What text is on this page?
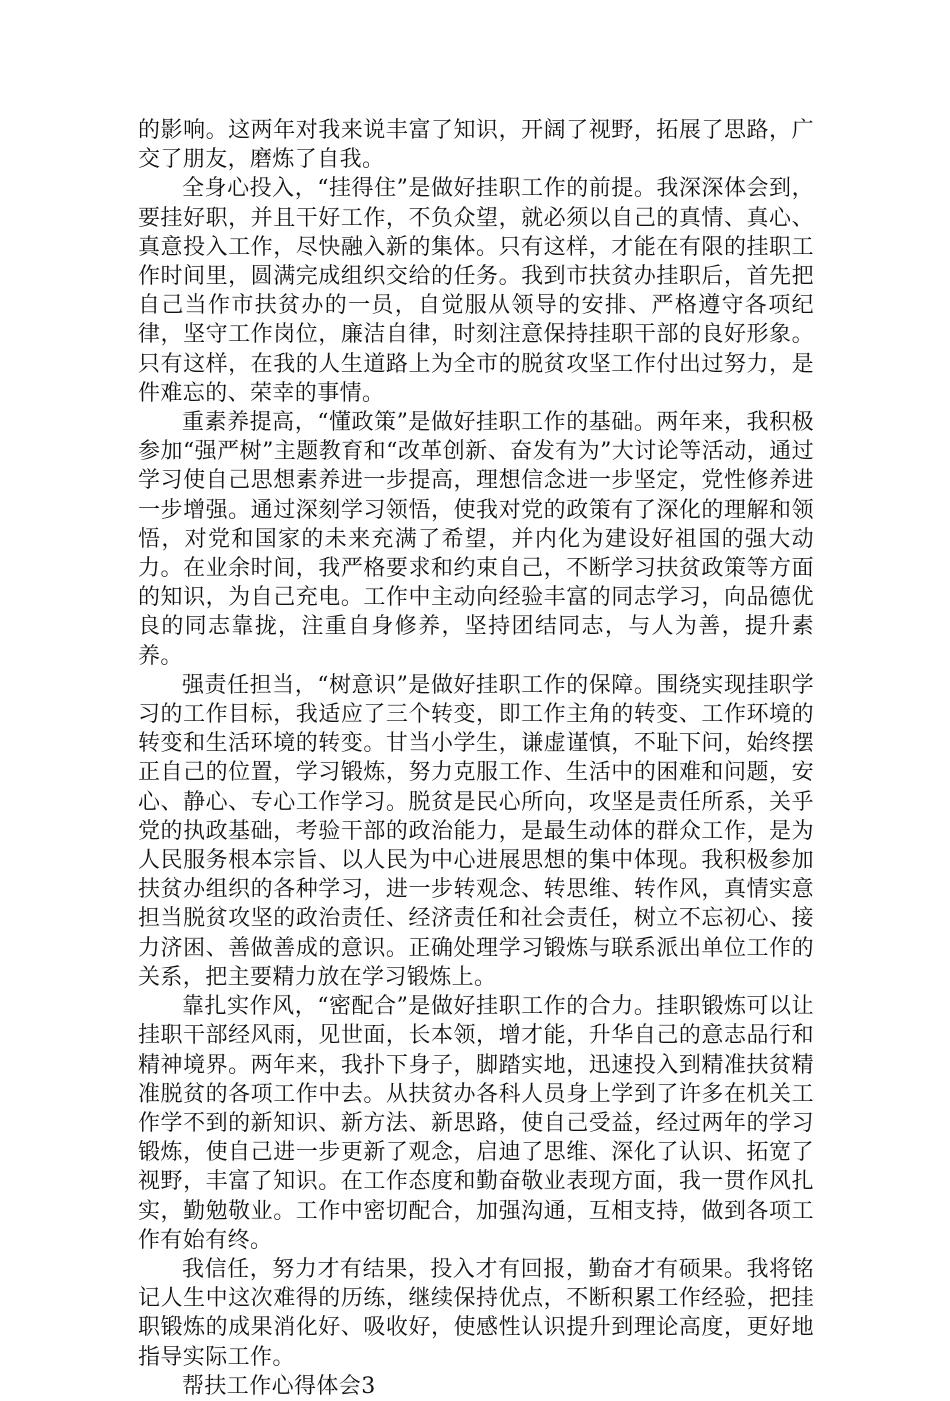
的影响。这两年对我来说丰富了知识，开阔了视野，拓展了思路，广交了朋友，磨炼了自我。

全身心投入，“挂得住”是做好挂职工作的前提。我深深体会到，要挂好职，并且干好工作，不负众望，就必须以自己的真情、真心、真意投入工作，尽快融入新的集体。只有这样，才能在有限的挂职工作时间里，圆满完成组织交给的任务。我到市扶贫办挂职后，首先把自己当作市扶贫办的一员，自觉服从领导的安排、严格遵守各项纪律，坚守工作岗位，廉洁自律，时刻注意保持挂职干部的良好形象。只有这样，在我的人生道路上为全市的脱贫攻坚工作付出过努力，是件难忘的、荣幸的事情。

重素养提高，“懂政策”是做好挂职工作的基础。两年来，我积极参加“强严树”主题教育和“改革创新、奋发有为”大讨论等活动，通过学习使自己思想素养进一步提高，理想信念进一步坚定，党性修养进一步增强。通过深刻学习领悟，使我对党的政策有了深化的理解和领悟，对党和国家的未来充满了希望，并内化为建设好祖国的强大动力。在业余时间，我严格要求和约束自己，不断学习扶贫政策等方面的知识，为自己充电。工作中主动向经验丰富的同志学习，向品德优良的同志靠拢，注重自身修养，坚持团结同志，与人为善，提升素养。

强责任担当，“树意识”是做好挂职工作的保障。围绕实现挂职学习的工作目标，我适应了三个转变，即工作主角的转变、工作环境的转变和生活环境的转变。甘当小学生，谦虚谨慎，不耻下问，始终摆正自己的位置，学习锻炼，努力克服工作、生活中的困难和问题，安心、静心、专心工作学习。脱贫是民心所向，攻坚是责任所系，关乎党的执政基础，考验干部的政治能力，是最生动体的群众工作，是为人民服务根本宗旨、以人民为中心进展思想的集中体现。我积极参加扶贫办组织的各种学习，进一步转观念、转思维、转作风，真情实意担当脱贫攻坚的政治责任、经济责任和社会责任，树立不忘初心、接力济困、善做善成的意识。正确处理学习锻炼与联系派出单位工作的关系，把主要精力放在学习锻炼上。

靠扎实作风，“密配合”是做好挂职工作的合力。挂职锻炼可以让挂职干部经风雨，见世面，长本领，增才能，升华自己的意志品行和精神境界。两年来，我扑下身子，脚踏实地，迅速投入到精准扶贫精准脱贫的各项工作中去。从扶贫办各科人员身上学到了许多在机关工作学不到的新知识、新方法、新思路，使自己受益，经过两年的学习锻炼，使自己进一步更新了观念，启迪了思维、深化了认识、拓宽了视野，丰富了知识。在工作态度和勤奋敬业表现方面，我一贯作风扎实，勤勉敬业。工作中密切配合，加强沟通，互相支持，做到各项工作有始有终。

我信任，努力才有结果，投入才有回报，勤奋才有硕果。我将铭记人生中这次难得的历练，继续保持优点，不断积累工作经验，把挂职锻炼的成果消化好、吸收好，使感性认识提升到理论高度，更好地指导实际工作。

帮扶工作心得体会3
